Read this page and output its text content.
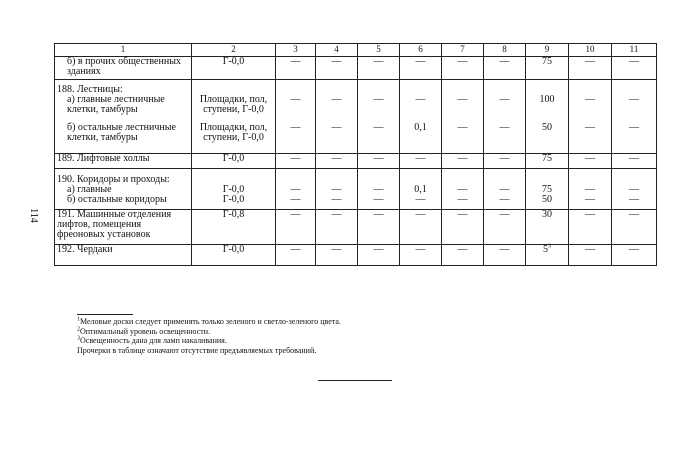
114
1	2	3	4	5	6	7	8	9	10	11
б) в прочих общественных зданиях	Г-0,0	—	—	—	—	—	—	75	—	—
188. Лестницы:										
а) главные лестничные клетки, тамбуры	Площадки, пол, ступени, Г-0,0	—	—	—	—	—	—	100	—	—
б) остальные лестничные клетки, тамбуры	Площадки, пол, ступени, Г-0,0	—	—	—	0,1	—	—	50	—	—
189. Лифтовые холлы	Г-0,0	—	—	—	—	—	—	75	—	—
190. Коридоры и проходы:										
а) главные	Г-0,0	—	—	—	0,1	—	—	75	—	—
б) остальные коридоры	Г-0,0	—	—	—	—	—	—	50	—	—
191. Машинные отделения лифтов, помещения фреоновых установок	Г-0,8	—	—	—	—	—	—	30	—	—
192. Чердаки	Г-0,0	—	—	—	—	—	—	$5^3$	—	—
$^1$Меловые доски следует применять только зеленого и светло-зеленого цвета.
$^2$Оптимальный уровень освещенности.
$^3$Освещенность дана для ламп накаливания.
Прочерки в таблице означают отсутствие предъявляемых требований.
